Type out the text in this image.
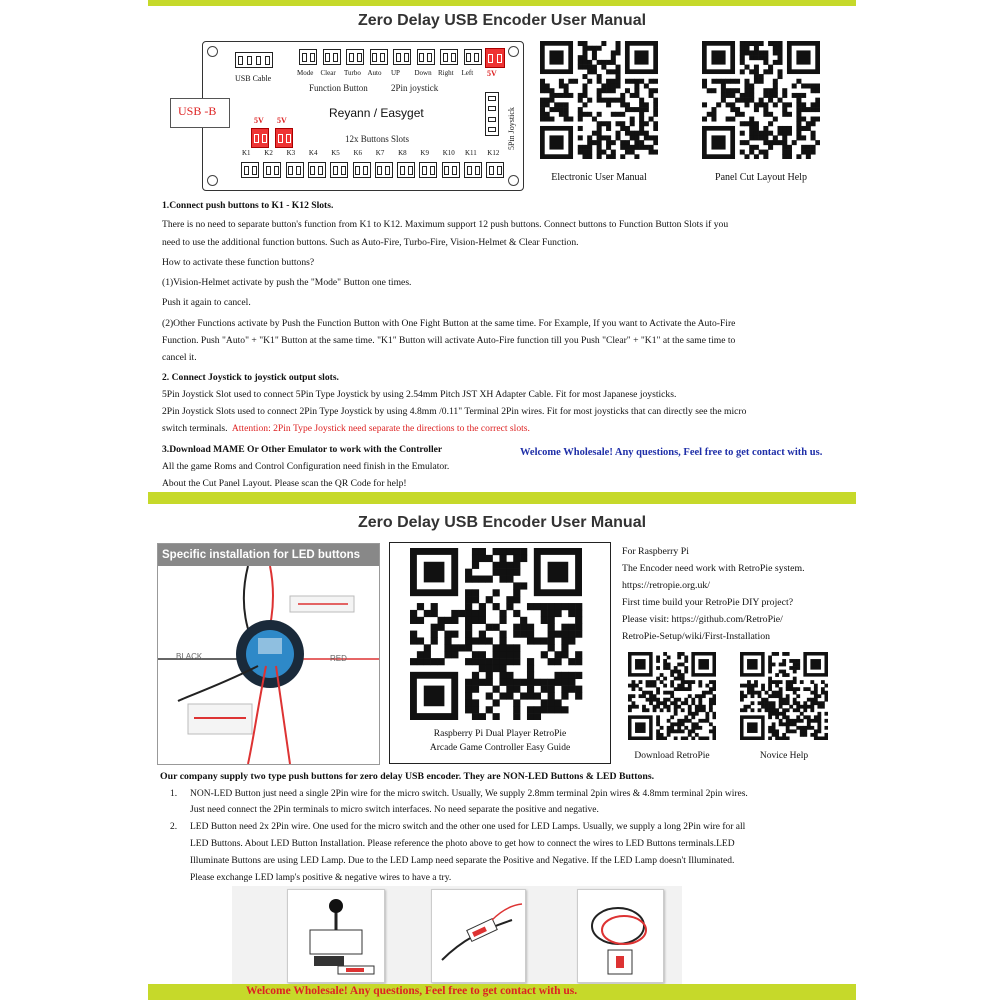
Zero Delay USB Encoder User Manual
USB Cable
Mode Clear Turbo Auto UP Down Right Left 5V
Function Button	2Pin joystick
Reyann / Easyget
12x Buttons Slots	5Pin Joystick
5V 5V
K1 K2 K3 K4 K5 K6 K7 K8 K9 K10 K11 K12
USB -B
Electronic User Manual	Panel Cut Layout Help
1.Connect push buttons to K1 - K12 Slots.
There is no need to separate button's function from K1 to K12. Maximum support 12 push buttons. Connect buttons to Function Button Slots if you
need to use the additional function buttons. Such as Auto-Fire, Turbo-Fire, Vision-Helmet & Clear Function.
How to activate these function buttons?
(1)Vision-Helmet activate by push the "Mode" Button one times.
Push it again to cancel.
(2)Other Functions activate by Push the Function Button with One Fight Button at the same time. For Example, If you want to Activate the Auto-Fire
Function. Push "Auto" + "K1" Button at the same time. "K1" Button will activate Auto-Fire function till you Push "Clear" + "K1" at the same time to
cancel it.
2. Connect Joystick to joystick output slots.
5Pin Joystick Slot used to connect 5Pin Type Joystick by using 2.54mm Pitch JST XH Adapter Cable. Fit for most Japanese joysticks.
2Pin Joystick Slots used to connect 2Pin Type Joystick by using 4.8mm /0.11" Terminal 2Pin wires. Fit for most joysticks that can directly see the micro
switch terminals. Attention: 2Pin Type Joystick need separate the directions to the correct slots.
3.Download MAME Or Other Emulator to work with the Controller
All the game Roms and Control Configuration need finish in the Emulator.
About the Cut Panel Layout. Please scan the QR Code for help!
Welcome Wholesale! Any questions, Feel free to get contact with us.
Zero Delay USB Encoder User Manual
Specific installation for LED buttons
BLACK	RED
Raspberry Pi Dual Player RetroPie
Arcade Game Controller Easy Guide
For Raspberry Pi
The Encoder need work with RetroPie system.
https://retropie.org.uk/
First time build your RetroPie DIY project?
Please visit: https://github.com/RetroPie/
RetroPie-Setup/wiki/First-Installation
Download RetroPie	Novice Help
Our company supply two type push buttons for zero delay USB encoder. They are NON-LED Buttons & LED Buttons.
1. NON-LED Button just need a single 2Pin wire for the micro switch. Usually, We supply 2.8mm terminal 2pin wires & 4.8mm terminal 2pin wires.
Just need connect the 2Pin terminals to micro switch interfaces. No need separate the positive and negative.
2. LED Button need 2x 2Pin wire. One used for the micro switch and the other one used for LED Lamps. Usually, we supply a long 2Pin wire for all
LED Buttons. About LED Button Installation. Please reference the photo above to get how to connect the wires to LED Buttons terminals.LED
Illuminate Buttons are using LED Lamp. Due to the LED Lamp need separate the Positive and Negative. If the LED Lamp doesn't Illuminated.
Please exchange LED lamp's positive & negative wires to have a try.
Welcome Wholesale! Any questions, Feel free to get contact with us.
